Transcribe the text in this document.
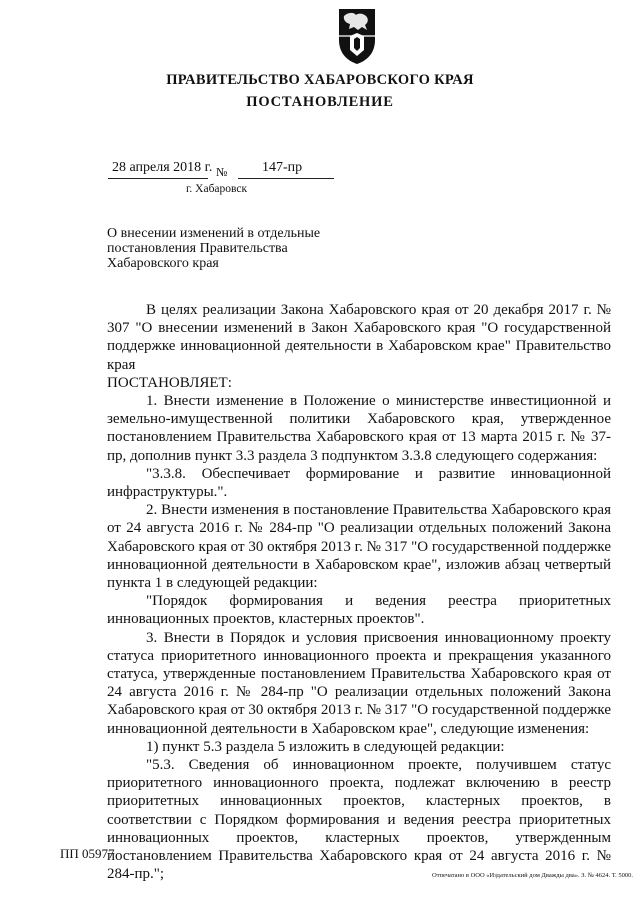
ПРАВИТЕЛЬСТВО ХАБАРОВСКОГО КРАЯ
ПОСТАНОВЛЕНИЕ
28 апреля 2018 г. № 147-пр
г. Хабаровск
О внесении изменений в отдельные постановления Правительства Хабаровского края

В целях реализации Закона Хабаровского края от 20 декабря 2017 г. № 307 "О внесении изменений в Закон Хабаровского края "О государственной поддержке инновационной деятельности в Хабаровском крае" Правительство края

ПОСТАНОВЛЯЕТ:

1. Внести изменение в Положение о министерстве инвестиционной и земельно-имущественной политики Хабаровского края, утвержденное постановлением Правительства Хабаровского края от 13 марта 2015 г. № 37-пр, дополнив пункт 3.3 раздела 3 подпунктом 3.3.8 следующего содержания:

"3.3.8. Обеспечивает формирование и развитие инновационной инфраструктуры.".

2. Внести изменения в постановление Правительства Хабаровского края от 24 августа 2016 г. № 284-пр "О реализации отдельных положений Закона Хабаровского края от 30 октября 2013 г. № 317 "О государственной поддержке инновационной деятельности в Хабаровском крае", изложив абзац четвертый пункта 1 в следующей редакции:

"Порядок формирования и ведения реестра приоритетных инновационных проектов, кластерных проектов".

3. Внести в Порядок и условия присвоения инновационному проекту статуса приоритетного инновационного проекта и прекращения указанного статуса, утвержденные постановлением Правительства Хабаровского края от 24 августа 2016 г. № 284-пр "О реализации отдельных положений Закона Хабаровского края от 30 октября 2013 г. № 317 "О государственной поддержке инновационной деятельности в Хабаровском крае", следующие изменения:

1) пункт 5.3 раздела 5 изложить в следующей редакции:

"5.3. Сведения об инновационном проекте, получившем статус приоритетного инновационного проекта, подлежат включению в реестр приоритетных инновационных проектов, кластерных проектов, в соответствии с Порядком формирования и ведения реестра приоритетных инновационных проектов, кластерных проектов, утвержденным постановлением Правительства Хабаровского края от 24 августа 2016 г. № 284-пр.";

ПП 05977
Отпечатано в ООО «Издательский дом Дважды два». З. № 4624. Т. 5000.
